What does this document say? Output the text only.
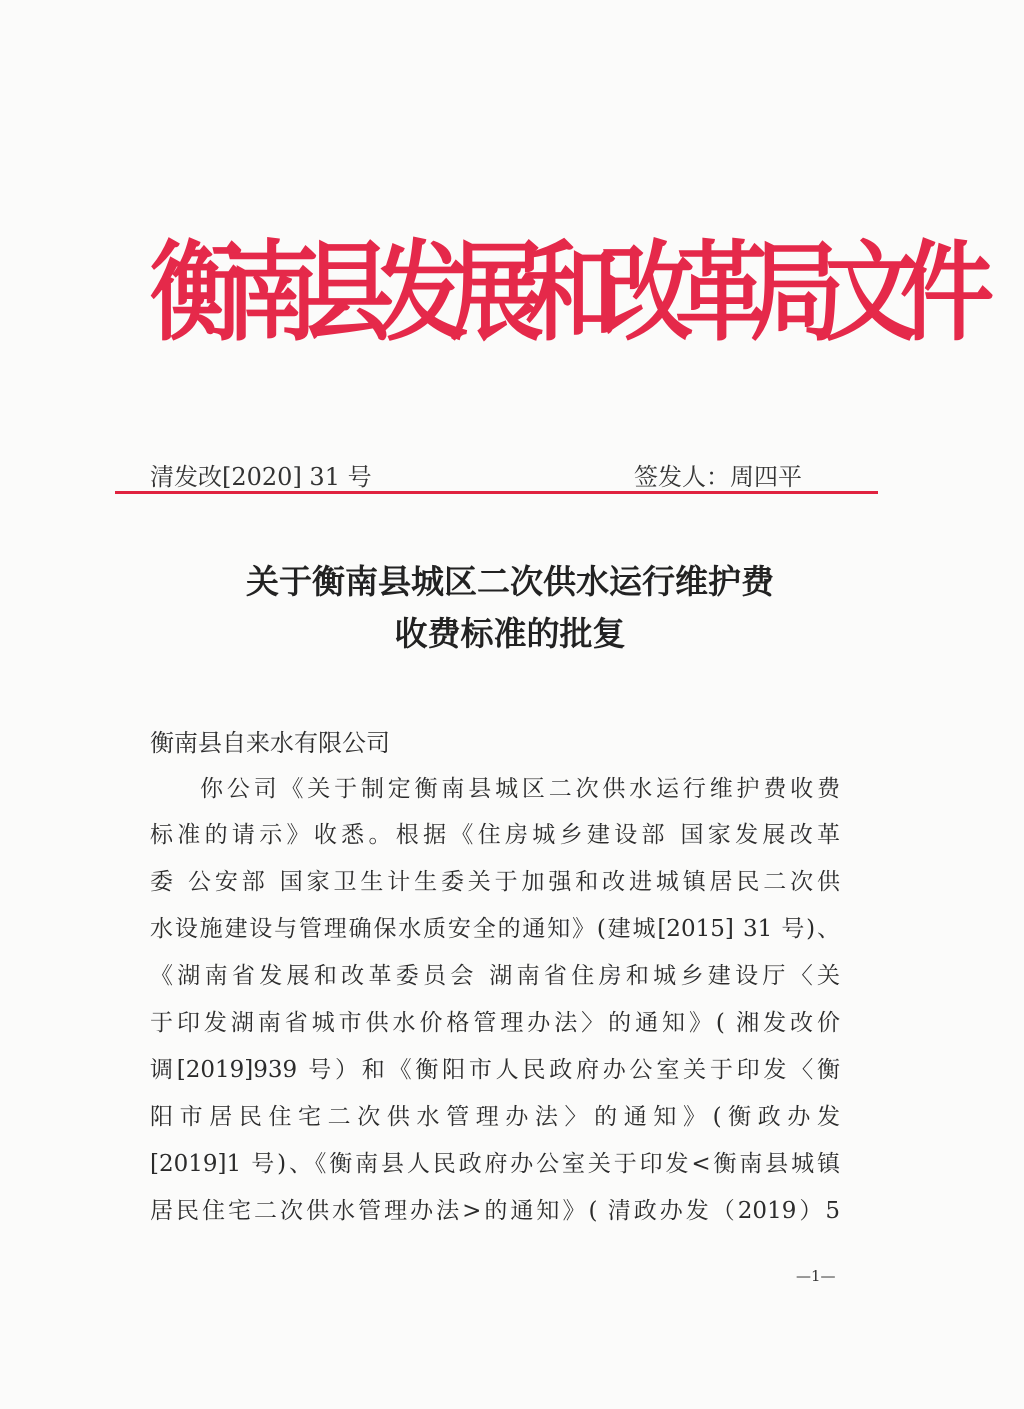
衡南县发展和改革局文件
清发改[2020] 31 号	签发人：周四平
关于衡南县城区二次供水运行维护费
收费标准的批复
衡南县自来水有限公司
你公司《关于制定衡南县城区二次供水运行维护费收费
标准的请示》收悉。根据《住房城乡建设部 国家发展改革
委 公安部 国家卫生计生委关于加强和改进城镇居民二次供
水设施建设与管理确保水质安全的通知》(建城[2015] 31 号)、
《湖南省发展和改革委员会 湖南省住房和城乡建设厅〈关
于印发湖南省城市供水价格管理办法〉的通知》( 湘发改价
调[2019]939 号）和《衡阳市人民政府办公室关于印发〈衡
阳市居民住宅二次供水管理办法〉的通知》(衡政办发
[2019]1 号)、《衡南县人民政府办公室关于印发<衡南县城镇
居民住宅二次供水管理办法>的通知》( 清政办发（2019）5
—1—
